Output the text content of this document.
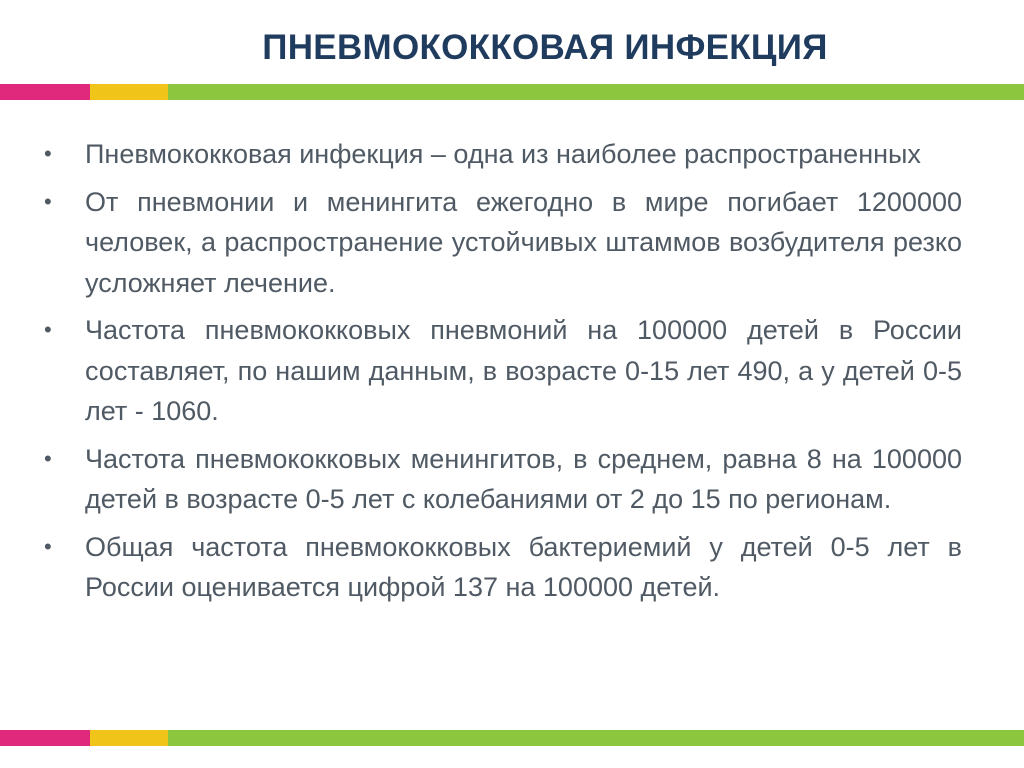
ПНЕВМОКОККОВАЯ ИНФЕКЦИЯ
•	Пневмококковая инфекция – одна из наиболее распространенных
•	От пневмонии и менингита ежегодно в мире погибает 1200000 человек, а распространение устойчивых штаммов возбудителя резко усложняет лечение.
•	Частота пневмококковых пневмоний на 100000 детей в России составляет, по нашим данным, в возрасте 0-15 лет 490, а у детей 0-5 лет - 1060.
•	Частота пневмококковых менингитов, в среднем, равна 8 на 100000 детей в возрасте 0-5 лет с колебаниями от 2 до 15 по регионам.
•	Общая частота пневмококковых бактериемий у детей 0-5 лет в России оценивается цифрой 137 на 100000 детей.
